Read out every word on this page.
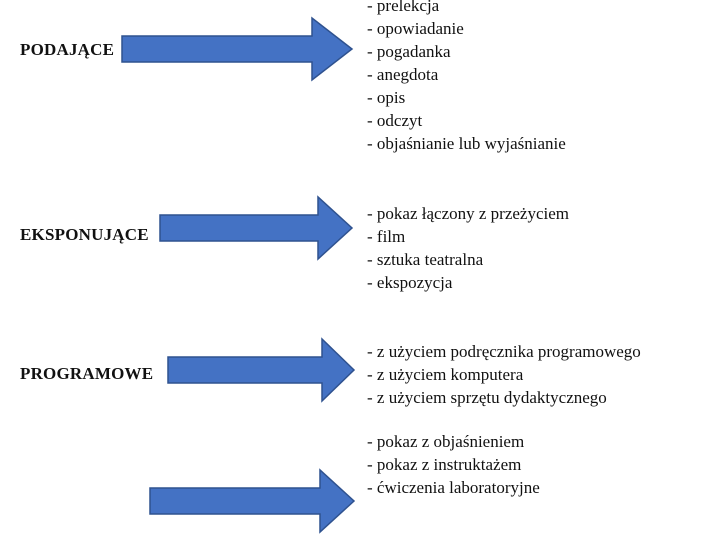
PODAJĄCE
- prelekcja
- opowiadanie
- pogadanka
- anegdota
- opis
- odczyt
- objaśnianie lub wyjaśnianie
EKSPONUJĄCE
- pokaz łączony z przeżyciem
- film
- sztuka teatralna
- ekspozycja
PROGRAMOWE
- z użyciem podręcznika programowego
- z użyciem komputera
- z użyciem sprzętu dydaktycznego
- pokaz z objaśnieniem
- pokaz z instruktażem
- ćwiczenia laboratoryjne
